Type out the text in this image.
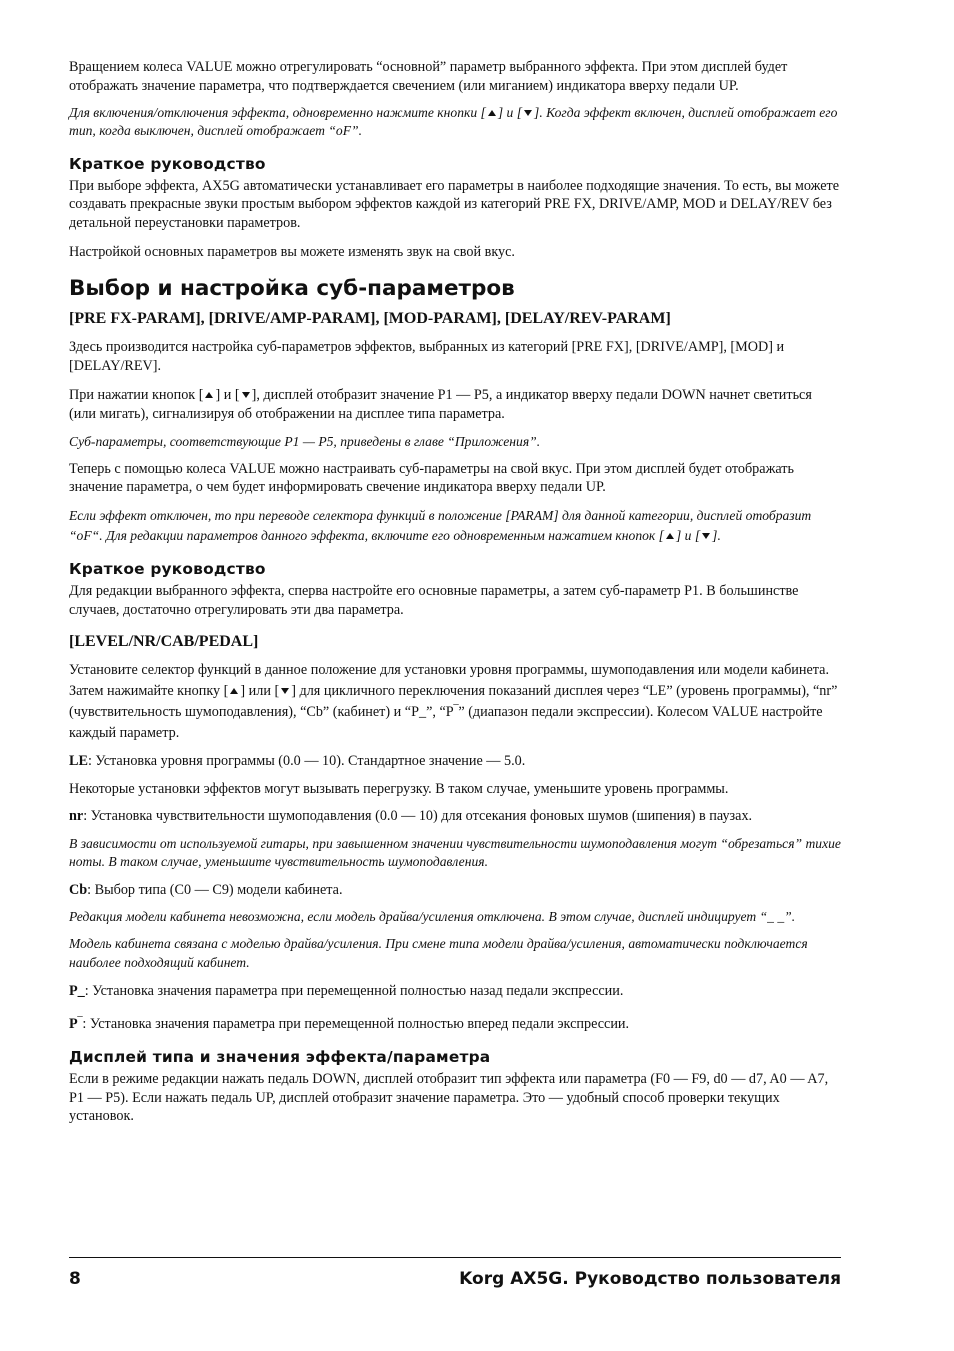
Вращением колеса VALUE можно отрегулировать “основной” параметр выбранного эффекта. При этом дисплей будет отображать значение параметра, что подтверждается свечением (или миганием) индикатора вверху педали UP.

Для включения/отключения эффекта, одновременно нажмите кнопки [ ] и [ ]. Когда эффект включен, дисплей отображает его тип, когда выключен, дисплей отображает “oF”.

Краткое руководство

При выборе эффекта, AX5G автоматически устанавливает его параметры в наиболее подходящие значения. То есть, вы можете создавать прекрасные звуки простым выбором эффектов каждой из категорий PRE FX, DRIVE/AMP, MOD и DELAY/REV без детальной переустановки параметров.

Настройкой основных параметров вы можете изменять звук на свой вкус.

Выбор и настройка суб-параметров
[PRE FX-PARAM], [DRIVE/AMP-PARAM], [MOD-PARAM], [DELAY/REV-PARAM]

Здесь производится настройка суб-параметров эффектов, выбранных из категорий [PRE FX], [DRIVE/AMP], [MOD] и [DELAY/REV].

При нажатии кнопок [ ] и [ ], дисплей отобразит значение P1 — P5, а индикатор вверху педали DOWN начнет светиться (или мигать), сигнализируя об отображении на дисплее типа параметра.

Суб-параметры, соответствующие P1 — P5, приведены в главе “Приложения”.

Теперь с помощью колеса VALUE можно настраивать суб-параметры на свой вкус. При этом дисплей будет отображать значение параметра, о чем будет информировать свечение индикатора вверху педали UP.

Если эффект отключен, то при переводе селектора функций в положение [PARAM] для данной категории, дисплей отобразит “oF“. Для редакции параметров данного эффекта, включите его одновременным нажатием кнопок [ ] и [ ].

Краткое руководство

Для редакции выбранного эффекта, сперва настройте его основные параметры, а затем суб-параметр P1. В большинстве случаев, достаточно отрегулировать эти два параметра.

[LEVEL/NR/CAB/PEDAL]

Установите селектор функций в данное положение для установки уровня программы, шумоподавления или модели кабинета. Затем нажимайте кнопку [ ] или [ ] для цикличного переключения показаний дисплея через “LE” (уровень программы), “nr” (чувствительность шумоподавления), “Cb” (кабинет) и “P_”, “P‾” (диапазон педали экспрессии). Колесом VALUE настройте каждый параметр.

LE: Установка уровня программы (0.0 — 10). Стандартное значение — 5.0.

Некоторые установки эффектов могут вызывать перегрузку. В таком случае, уменьшите уровень программы.

nr: Установка чувствительности шумоподавления (0.0 — 10) для отсекания фоновых шумов (шипения) в паузах.

В зависимости от используемой гитары, при завышенном значении чувствительности шумоподавления могут “обрезаться” тихие ноты. В таком случае, уменьшите чувствительность шумоподавления.

Cb: Выбор типа (C0 — C9) модели кабинета.

Редакция модели кабинета невозможна, если модель драйва/усиления отключена. В этом случае, дисплей индицирует “_ _”.

Модель кабинета связана с моделью драйва/усиления. При смене типа модели драйва/усиления, автоматически подключается наиболее подходящий кабинет.

P_: Установка значения параметра при перемещенной полностью назад педали экспрессии.

P‾: Установка значения параметра при перемещенной полностью вперед педали экспрессии.

Дисплей типа и значения эффекта/параметра

Если в режиме редакции нажать педаль DOWN, дисплей отобразит тип эффекта или параметра (F0 — F9, d0 — d7, A0 — A7, P1 — P5). Если нажать педаль UP, дисплей отобразит значение параметра. Это — удобный способ проверки текущих установок.

8	Korg AX5G. Руководство пользователя
